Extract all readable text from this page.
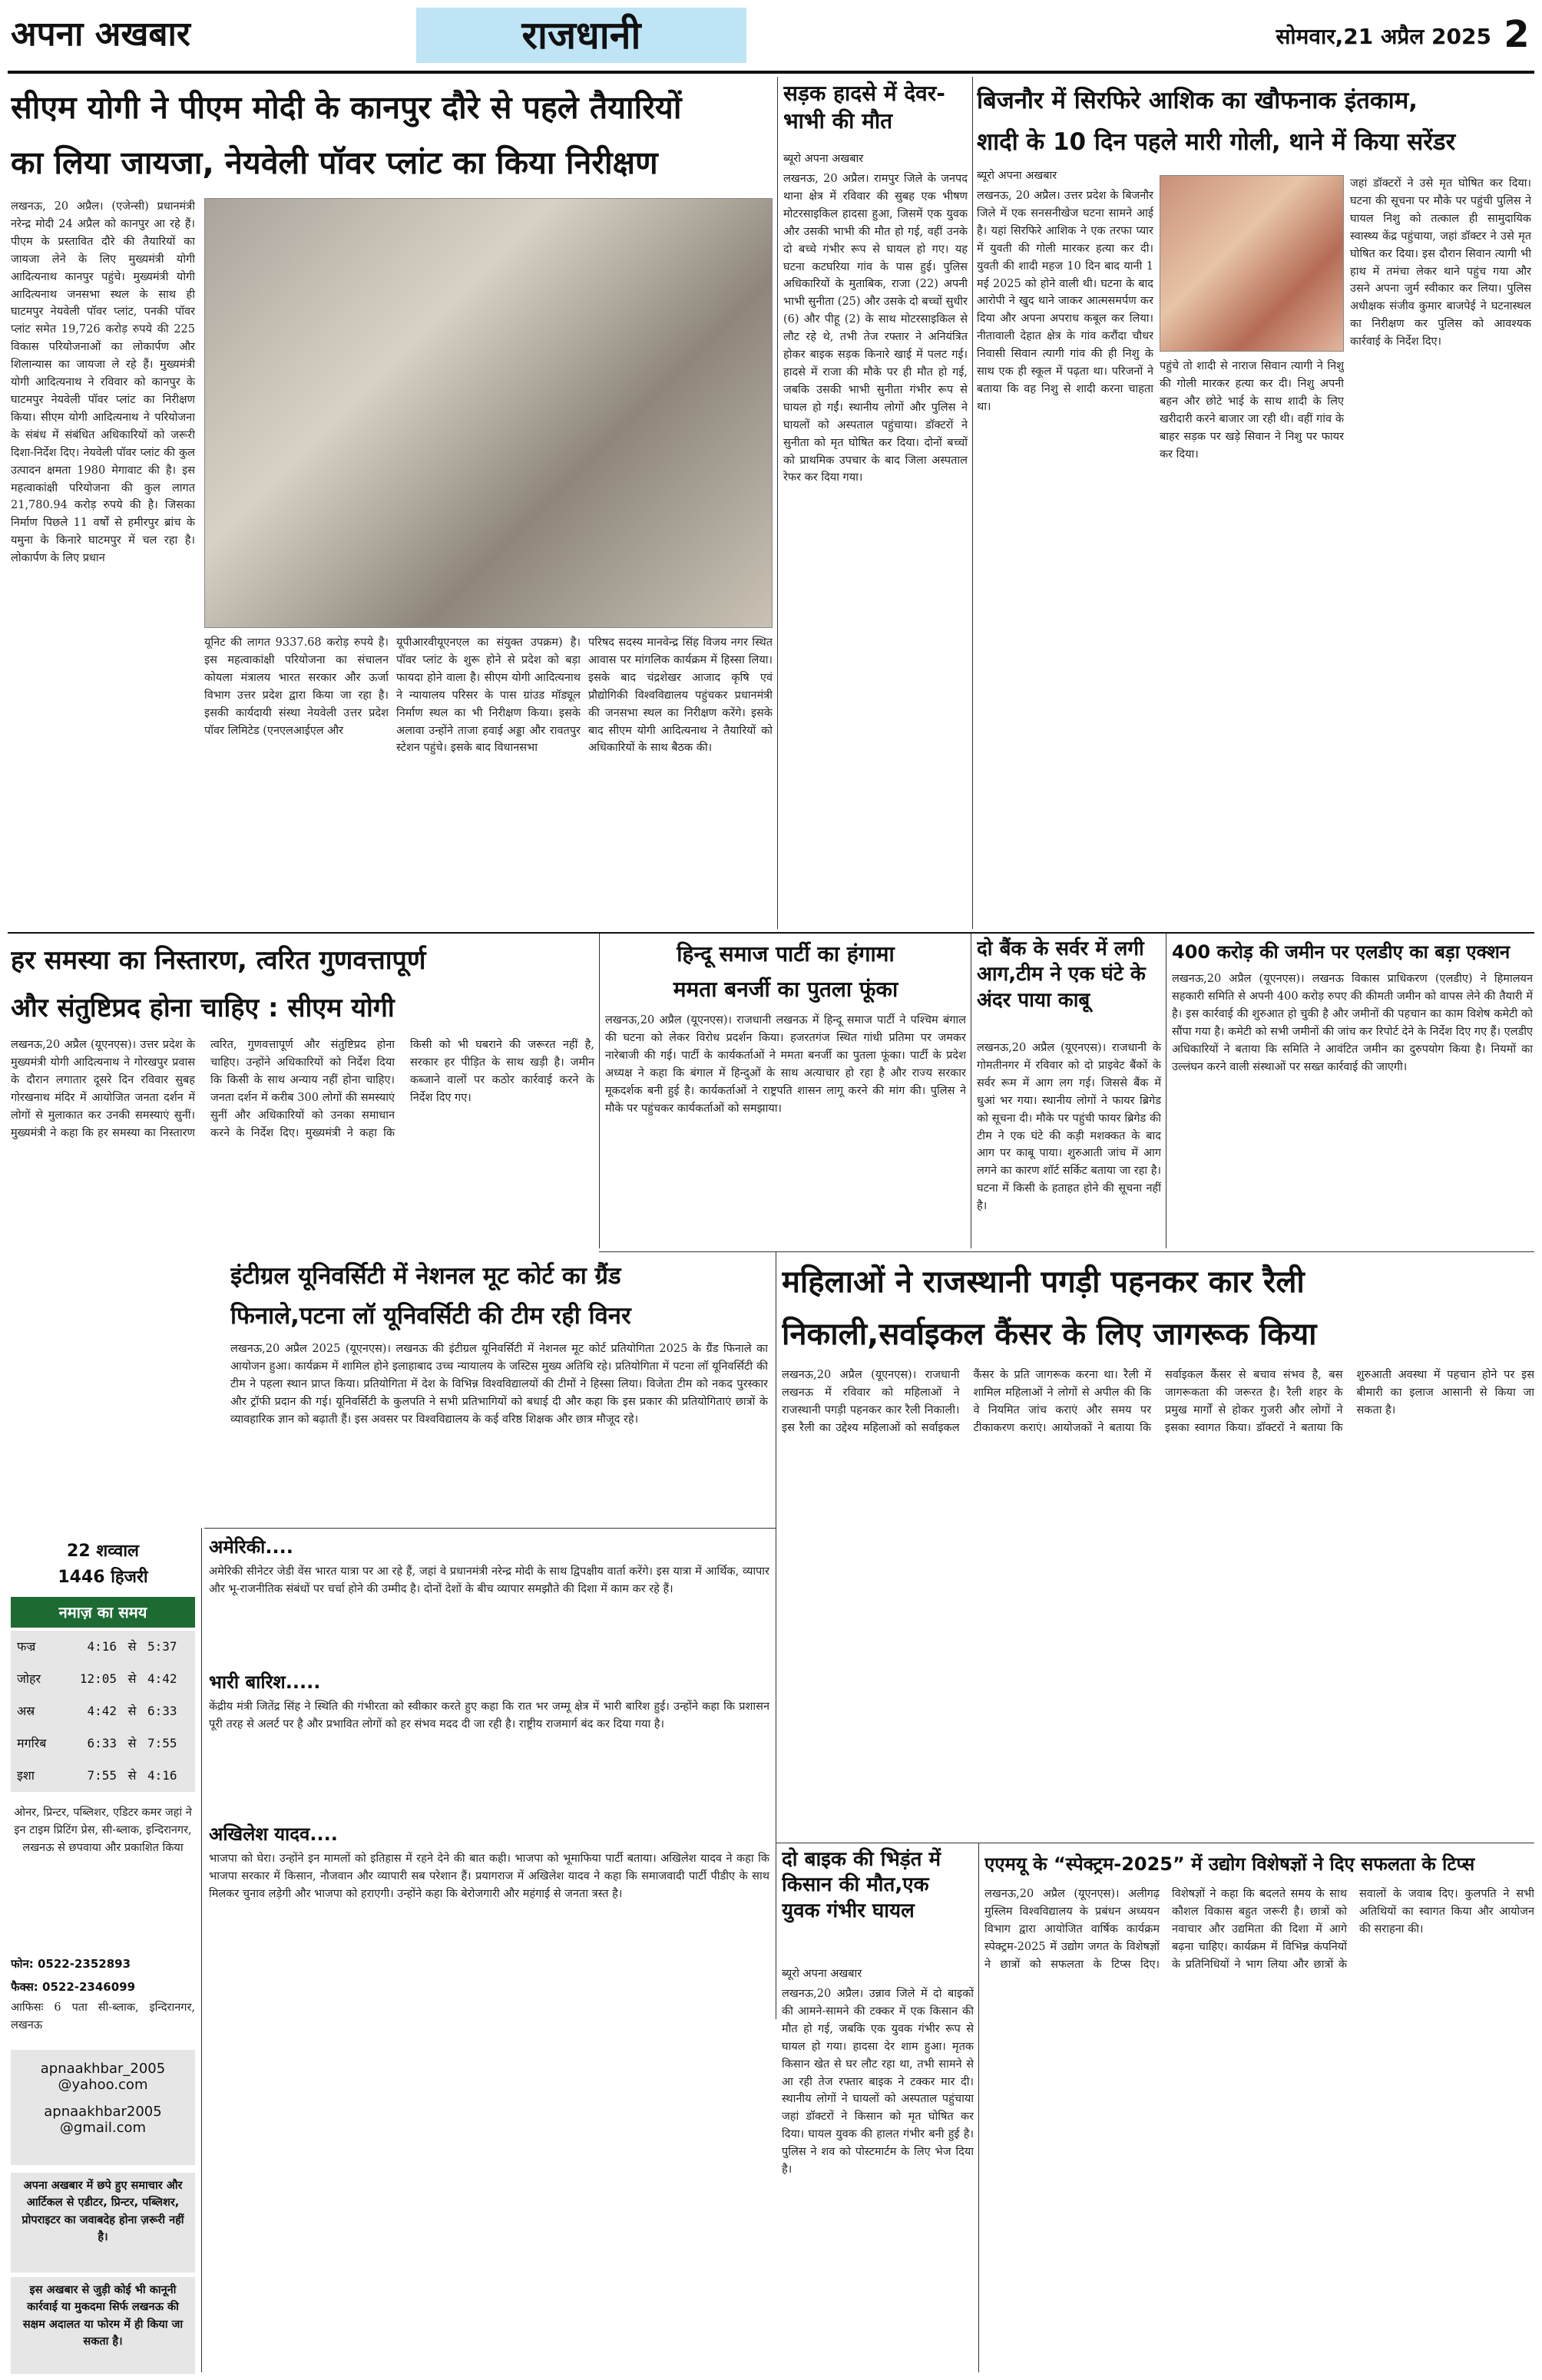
अपना अखबार	राजधानी	सोमवार,21 अप्रैल 2025 2
सीएम योगी ने पीएम मोदी के कानपुर दौरे से पहले तैयारियों
का लिया जायजा, नेयवेली पॉवर प्लांट का किया निरीक्षण
लखनऊ, 20 अप्रैल। (एजेन्सी) प्रधानमंत्री नरेन्द्र मोदी 24 अप्रैल को कानपुर आ रहे हैं। पीएम के प्रस्तावित दौरे की तैयारियों का जायजा लेने के लिए मुख्यमंत्री योगी आदित्यनाथ कानपुर पहुंचे। मुख्यमंत्री योगी आदित्यनाथ जनसभा स्थल के साथ ही घाटमपुर नेयवेली पॉवर प्लांट, पनकी पॉवर प्लांट समेत 19,726 करोड़ रुपये की 225 विकास परियोजनाओं का लोकार्पण और शिलान्यास का जायजा ले रहे हैं। मुख्यमंत्री योगी आदित्यनाथ ने रविवार को कानपुर के घाटमपुर नेयवेली पॉवर प्लांट का निरीक्षण किया। सीएम योगी आदित्यनाथ ने परियोजना के संबंध में संबंधित अधिकारियों को जरूरी दिशा-निर्देश दिए। नेयवेली पॉवर प्लांट की कुल उत्पादन क्षमता 1980 मेगावाट की है। इस महत्वाकांक्षी परियोजना की कुल लागत 21,780.94 करोड़ रुपये की है। जिसका निर्माण पिछले 11 वर्षों से हमीरपुर ब्रांच के यमुना के किनारे घाटमपुर में चल रहा है। लोकार्पण के लिए प्रधान
यूनिट की लागत 9337.68 करोड़ रुपये है। इस महत्वाकांक्षी परियोजना का संचालन कोयला मंत्रालय भारत सरकार और ऊर्जा विभाग उत्तर प्रदेश द्वारा किया जा रहा है। इसकी कार्यदायी संस्था नेयवेली उत्तर प्रदेश पॉवर लिमिटेड (एनएलआईएल और
यूपीआरवीयूएनएल का संयुक्त उपक्रम) है। पॉवर प्लांट के शुरू होने से प्रदेश को बड़ा फायदा होने वाला है। सीएम योगी आदित्यनाथ ने न्यायालय परिसर के पास ग्रांउड मॉड्यूल निर्माण स्थल का भी निरीक्षण किया। इसके अलावा उन्होंने ताजा हवाई अड्डा और रावतपुर स्टेशन पहुंचे। इसके बाद विधानसभा
परिषद सदस्य मानवेन्द्र सिंह विजय नगर स्थित आवास पर मांगलिक कार्यक्रम में हिस्सा लिया। इसके बाद चंद्रशेखर आजाद कृषि एवं प्रौद्योगिकी विश्वविद्यालय पहुंचकर प्रधानमंत्री की जनसभा स्थल का निरीक्षण करेंगे। इसके बाद सीएम योगी आदित्यनाथ ने तैयारियों को अधिकारियों के साथ बैठक की।
सड़क हादसे में देवर-भाभी की मौत
ब्यूरो अपना अखबार
लखनऊ, 20 अप्रैल। रामपुर जिले के जनपद थाना क्षेत्र में रविवार की सुबह एक भीषण मोटरसाइकिल हादसा हुआ, जिसमें एक युवक और उसकी भाभी की मौत हो गई, वहीं उनके दो बच्चे गंभीर रूप से घायल हो गए। यह घटना कटघरिया गांव के पास हुई। पुलिस अधिकारियों के मुताबिक, राजा (22) अपनी भाभी सुनीता (25) और उसके दो बच्चों सुधीर (6) और पीहू (2) के साथ मोटरसाइकिल से लौट रहे थे, तभी तेज रफ्तार ने अनियंत्रित होकर बाइक सड़क किनारे खाई में पलट गई। हादसे में राजा की मौके पर ही मौत हो गई, जबकि उसकी भाभी सुनीता गंभीर रूप से घायल हो गईं। स्थानीय लोगों और पुलिस ने घायलों को अस्पताल पहुंचाया। डॉक्टरों ने सुनीता को मृत घोषित कर दिया। दोनों बच्चों को प्राथमिक उपचार के बाद जिला अस्पताल रेफर कर दिया गया।
बिजनौर में सिरफिरे आशिक का खौफनाक इंतकाम,
शादी के 10 दिन पहले मारी गोली, थाने में किया सरेंडर
ब्यूरो अपना अखबार
लखनऊ, 20 अप्रैल। उत्तर प्रदेश के बिजनौर जिले में एक सनसनीखेज घटना सामने आई है। यहां सिरफिरे आशिक ने एक तरफा प्यार में युवती की गोली मारकर हत्या कर दी। युवती की शादी महज 10 दिन बाद यानी 1 मई 2025 को होने वाली थी। घटना के बाद आरोपी ने खुद थाने जाकर आत्मसमर्पण कर दिया और अपना अपराध कबूल कर लिया। नीतावाली देहात क्षेत्र के गांव करौंदा चौधर निवासी सिवान त्यागी गांव की ही निशु के साथ एक ही स्कूल में पढ़ता था। परिजनों ने बताया कि वह निशु से शादी करना चाहता था।
पहुंचे तो शादी से नाराज सिवान त्यागी ने निशु की गोली मारकर हत्या कर दी। निशु अपनी बहन और छोटे भाई के साथ शादी के लिए खरीदारी करने बाजार जा रही थी। वहीं गांव के बाहर सड़क पर खड़े सिवान ने निशु पर फायर कर दिया।
जहां डॉक्टरों ने उसे मृत घोषित कर दिया। घटना की सूचना पर मौके पर पहुंची पुलिस ने घायल निशु को तत्काल ही सामुदायिक स्वास्थ्य केंद्र पहुंचाया, जहां डॉक्टर ने उसे मृत घोषित कर दिया। इस दौरान सिवान त्यागी भी हाथ में तमंचा लेकर थाने पहुंच गया और उसने अपना जुर्म स्वीकार कर लिया। पुलिस अधीक्षक संजीव कुमार बाजपेई ने घटनास्थल का निरीक्षण कर पुलिस को आवश्यक कार्रवाई के निर्देश दिए।
हर समस्या का निस्तारण, त्वरित गुणवत्तापूर्ण
और संतुष्टिप्रद होना चाहिए : सीएम योगी
लखनऊ,20 अप्रैल (यूएनएस)। उत्तर प्रदेश के मुख्यमंत्री योगी आदित्यनाथ ने गोरखपुर प्रवास के दौरान लगातार दूसरे दिन रविवार सुबह गोरखनाथ मंदिर में आयोजित जनता दर्शन में लोगों से मुलाकात कर उनकी समस्याएं सुनीं। मुख्यमंत्री ने कहा कि हर समस्या का निस्तारण त्वरित, गुणवत्तापूर्ण और संतुष्टिप्रद होना चाहिए। उन्होंने अधिकारियों को निर्देश दिया कि किसी के साथ अन्याय नहीं होना चाहिए। जनता दर्शन में करीब 300 लोगों की समस्याएं सुनीं और अधिकारियों को उनका समाधान करने के निर्देश दिए। मुख्यमंत्री ने कहा कि किसी को भी घबराने की जरूरत नहीं है, सरकार हर पीड़ित के साथ खड़ी है। जमीन कब्जाने वालों पर कठोर कार्रवाई करने के निर्देश दिए गए।
हिन्दू समाज पार्टी का हंगामा
ममता बनर्जी का पुतला फूंका
लखनऊ,20 अप्रैल (यूएनएस)। राजधानी लखनऊ में हिन्दू समाज पार्टी ने पश्चिम बंगाल की घटना को लेकर विरोध प्रदर्शन किया। हजरतगंज स्थित गांधी प्रतिमा पर जमकर नारेबाजी की गई। पार्टी के कार्यकर्ताओं ने ममता बनर्जी का पुतला फूंका। पार्टी के प्रदेश अध्यक्ष ने कहा कि बंगाल में हिन्दुओं के साथ अत्याचार हो रहा है और राज्य सरकार मूकदर्शक बनी हुई है। कार्यकर्ताओं ने राष्ट्रपति शासन लागू करने की मांग की। पुलिस ने मौके पर पहुंचकर कार्यकर्ताओं को समझाया।
दो बैंक के सर्वर में लगी आग,टीम ने एक घंटे के अंदर पाया काबू
लखनऊ,20 अप्रैल (यूएनएस)। राजधानी के गोमतीनगर में रविवार को दो प्राइवेट बैंकों के सर्वर रूम में आग लग गई। जिससे बैंक में धुआं भर गया। स्थानीय लोगों ने फायर ब्रिगेड को सूचना दी। मौके पर पहुंची फायर ब्रिगेड की टीम ने एक घंटे की कड़ी मशक्कत के बाद आग पर काबू पाया। शुरुआती जांच में आग लगने का कारण शॉर्ट सर्किट बताया जा रहा है। घटना में किसी के हताहत होने की सूचना नहीं है।
400 करोड़ की जमीन पर एलडीए का बड़ा एक्शन
लखनऊ,20 अप्रैल (यूएनएस)। लखनऊ विकास प्राधिकरण (एलडीए) ने हिमालयन सहकारी समिति से अपनी 400 करोड़ रुपए की कीमती जमीन को वापस लेने की तैयारी में है। इस कार्रवाई की शुरुआत हो चुकी है और जमीनों की पहचान का काम विशेष कमेटी को सौंपा गया है। कमेटी को सभी जमीनों की जांच कर रिपोर्ट देने के निर्देश दिए गए हैं। एलडीए अधिकारियों ने बताया कि समिति ने आवंटित जमीन का दुरुपयोग किया है। नियमों का उल्लंघन करने वाली संस्थाओं पर सख्त कार्रवाई की जाएगी।
इंटीग्रल यूनिवर्सिटी में नेशनल मूट कोर्ट का ग्रैंड
फिनाले,पटना लॉ यूनिवर्सिटी की टीम रही विनर
लखनऊ,20 अप्रैल 2025 (यूएनएस)। लखनऊ की इंटीग्रल यूनिवर्सिटी में नेशनल मूट कोर्ट प्रतियोगिता 2025 के ग्रैंड फिनाले का आयोजन हुआ। कार्यक्रम में शामिल होने इलाहाबाद उच्च न्यायालय के जस्टिस मुख्य अतिथि रहे। प्रतियोगिता में पटना लॉ यूनिवर्सिटी की टीम ने पहला स्थान प्राप्त किया। प्रतियोगिता में देश के विभिन्न विश्वविद्यालयों की टीमों ने हिस्सा लिया। विजेता टीम को नकद पुरस्कार और ट्रॉफी प्रदान की गई। यूनिवर्सिटी के कुलपति ने सभी प्रतिभागियों को बधाई दी और कहा कि इस प्रकार की प्रतियोगिताएं छात्रों के व्यावहारिक ज्ञान को बढ़ाती हैं। इस अवसर पर विश्वविद्यालय के कई वरिष्ठ शिक्षक और छात्र मौजूद रहे।
महिलाओं ने राजस्थानी पगड़ी पहनकर कार रैली
निकाली,सर्वाइकल कैंसर के लिए जागरूक किया
लखनऊ,20 अप्रैल (यूएनएस)। राजधानी लखनऊ में रविवार को महिलाओं ने राजस्थानी पगड़ी पहनकर कार रैली निकाली। इस रैली का उद्देश्य महिलाओं को सर्वाइकल कैंसर के प्रति जागरूक करना था। रैली में शामिल महिलाओं ने लोगों से अपील की कि वे नियमित जांच कराएं और समय पर टीकाकरण कराएं। आयोजकों ने बताया कि सर्वाइकल कैंसर से बचाव संभव है, बस जागरूकता की जरूरत है। रैली शहर के प्रमुख मार्गों से होकर गुजरी और लोगों ने इसका स्वागत किया। डॉक्टरों ने बताया कि शुरुआती अवस्था में पहचान होने पर इस बीमारी का इलाज आसानी से किया जा सकता है।
22 शव्वाल
1446 हिजरी
नमाज़ का समय
फज्र	4:16 से 5:37
जोहर	12:05 से 4:42
अस्र	4:42 से 6:33
मगरिब	6:33 से 7:55
इशा	7:55 से 4:16
ओनर, प्रिन्टर, पब्लिशर, एडिटर कमर जहां ने इन टाइम प्रिटिंग प्रेस, सी-ब्लाक, इन्दिरानगर, लखनऊ से छपवाया और प्रकाशित किया
फोन: 0522-2352893
फैक्स: 0522-2346099
आफिसः 6 पता सी-ब्लाक, इन्दिरानगर, लखनऊ
apnaakhbar_2005
@yahoo.com
apnaakhbar2005
@gmail.com
अपना अखबार में छपे हुए समाचार और आर्टिकल से एडीटर, प्रिन्टर, पब्लिशर, प्रोपराइटर का जवाबदेह होना ज़रूरी नहीं है।
इस अखबार से जुड़ी कोई भी कानूनी कार्रवाई या मुकदमा सिर्फ लखनऊ की सक्षम अदालत या फोरम में ही किया जा सकता है।
अमेरिकी....
अमेरिकी सीनेटर जेडी वेंस भारत यात्रा पर आ रहे हैं, जहां वे प्रधानमंत्री नरेन्द्र मोदी के साथ द्विपक्षीय वार्ता करेंगे। इस यात्रा में आर्थिक, व्यापार और भू-राजनीतिक संबंधों पर चर्चा होने की उम्मीद है। दोनों देशों के बीच व्यापार समझौते की दिशा में काम कर रहे हैं।
भारी बारिश.....
केंद्रीय मंत्री जितेंद्र सिंह ने स्थिति की गंभीरता को स्वीकार करते हुए कहा कि रात भर जम्मू क्षेत्र में भारी बारिश हुई। उन्होंने कहा कि प्रशासन पूरी तरह से अलर्ट पर है और प्रभावित लोगों को हर संभव मदद दी जा रही है। राष्ट्रीय राजमार्ग बंद कर दिया गया है।
अखिलेश यादव....
भाजपा को घेरा। उन्होंने इन मामलों को इतिहास में रहने देने की बात कही। भाजपा को भूमाफिया पार्टी बताया। अखिलेश यादव ने कहा कि भाजपा सरकार में किसान, नौजवान और व्यापारी सब परेशान हैं। प्रयागराज में अखिलेश यादव ने कहा कि समाजवादी पार्टी पीडीए के साथ मिलकर चुनाव लड़ेगी और भाजपा को हराएगी। उन्होंने कहा कि बेरोजगारी और महंगाई से जनता त्रस्त है।
दो बाइक की भिड़ंत में किसान की मौत,एक युवक गंभीर घायल
ब्यूरो अपना अखबार
लखनऊ,20 अप्रैल। उन्नाव जिले में दो बाइकों की आमने-सामने की टक्कर में एक किसान की मौत हो गई, जबकि एक युवक गंभीर रूप से घायल हो गया। हादसा देर शाम हुआ। मृतक किसान खेत से घर लौट रहा था, तभी सामने से आ रही तेज रफ्तार बाइक ने टक्कर मार दी। स्थानीय लोगों ने घायलों को अस्पताल पहुंचाया जहां डॉक्टरों ने किसान को मृत घोषित कर दिया। घायल युवक की हालत गंभीर बनी हुई है। पुलिस ने शव को पोस्टमार्टम के लिए भेज दिया है।
एएमयू के “स्पेक्ट्रम-2025” में उद्योग विशेषज्ञों ने दिए सफलता के टिप्स
लखनऊ,20 अप्रैल (यूएनएस)। अलीगढ़ मुस्लिम विश्वविद्यालय के प्रबंधन अध्ययन विभाग द्वारा आयोजित वार्षिक कार्यक्रम स्पेक्ट्रम-2025 में उद्योग जगत के विशेषज्ञों ने छात्रों को सफलता के टिप्स दिए। विशेषज्ञों ने कहा कि बदलते समय के साथ कौशल विकास बहुत जरूरी है। छात्रों को नवाचार और उद्यमिता की दिशा में आगे बढ़ना चाहिए। कार्यक्रम में विभिन्न कंपनियों के प्रतिनिधियों ने भाग लिया और छात्रों के सवालों के जवाब दिए। कुलपति ने सभी अतिथियों का स्वागत किया और आयोजन की सराहना की।
